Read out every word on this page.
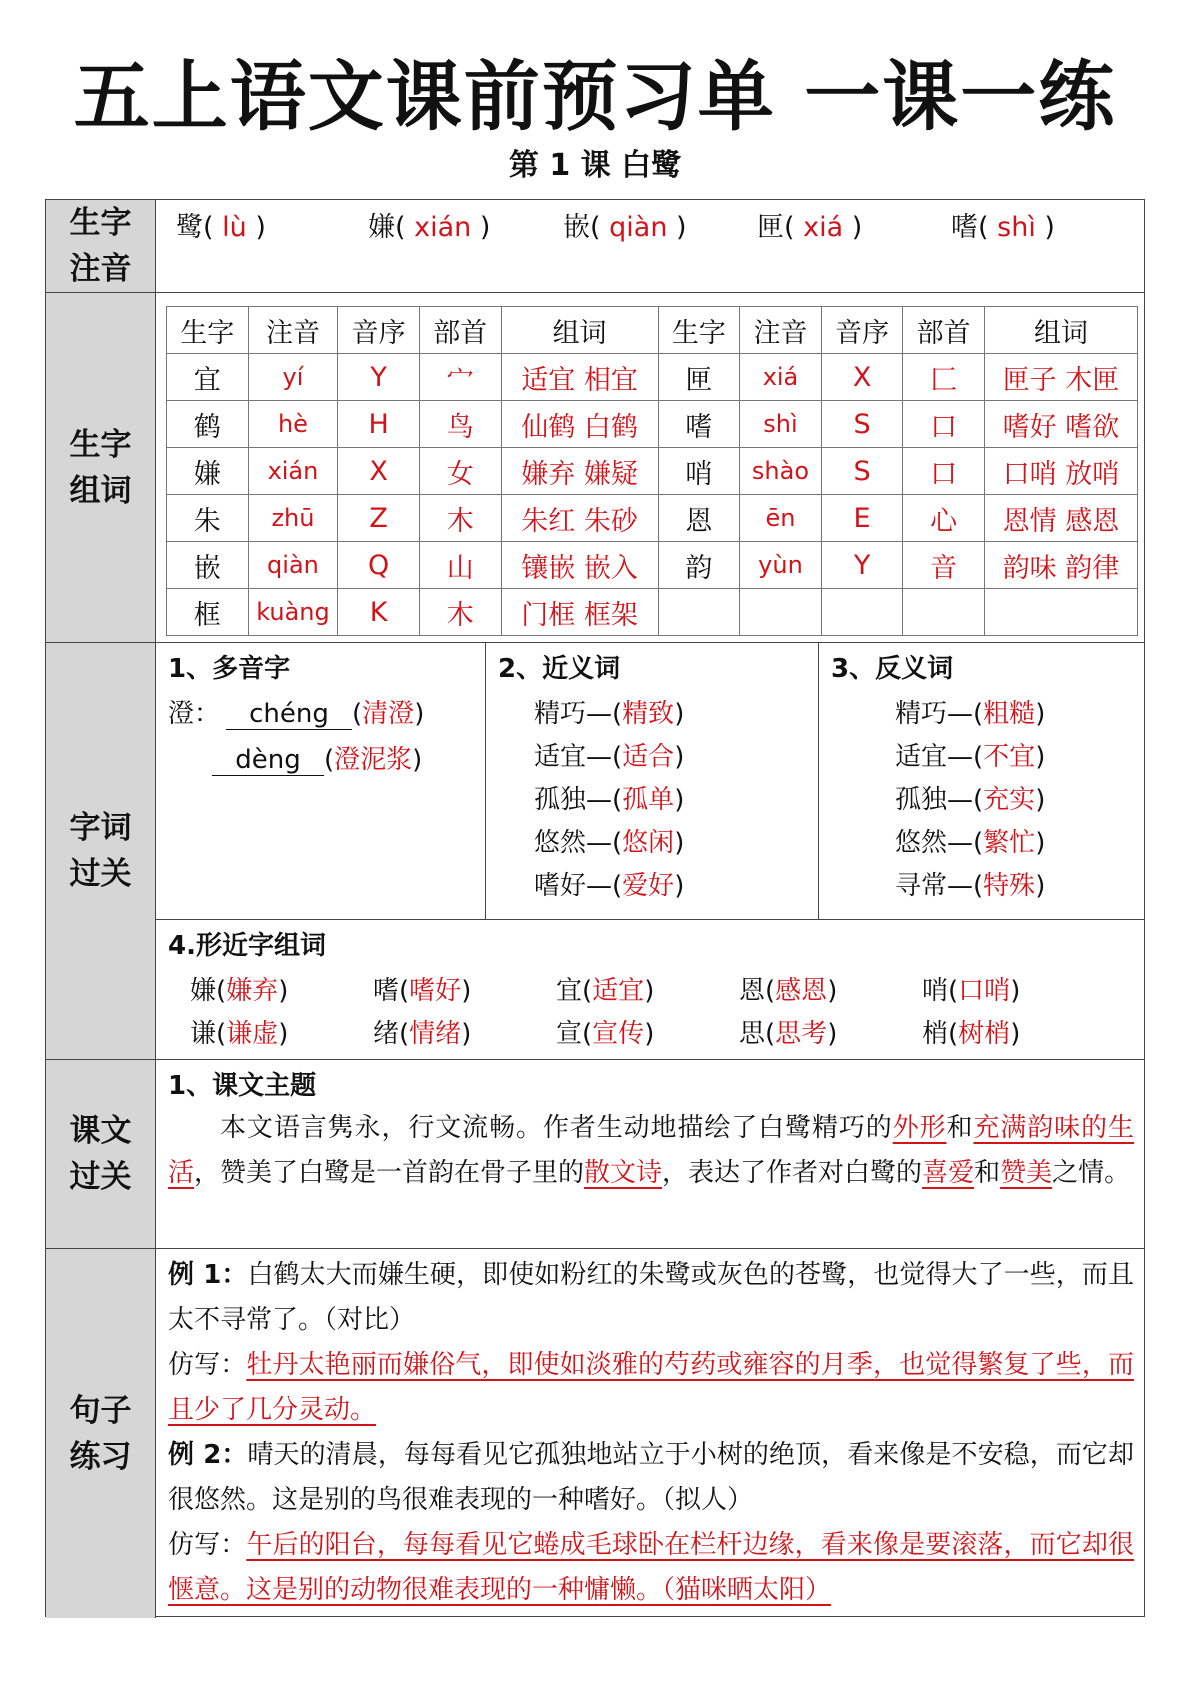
五上语文课前预习单 一课一练
第 1 课 白鹭
生字
注音
鹭( lù )	嫌( xián )	嵌( qiàn )	匣( xiá )	嗜( shì )
生字
组词
生字	注音	音序	部首	组词	生字	注音	音序	部首	组词
宜	yí	Y	宀	适宜 相宜	匣	xiá	X	匚	匣子 木匣
鹤	hè	H	鸟	仙鹤 白鹤	嗜	shì	S	口	嗜好 嗜欲
嫌	xián	X	女	嫌弃 嫌疑	哨	shào	S	口	口哨 放哨
朱	zhū	Z	木	朱红 朱砂	恩	ēn	E	心	恩情 感恩
嵌	qiàn	Q	山	镶嵌 嵌入	韵	yùn	Y	音	韵味 韵律
框	kuàng	K	木	门框 框架					
字词
过关
1、多音字
澄： chéng (清澄)
dèng (澄泥浆)
2、近义词
精巧—(精致)
适宜—(适合)
孤独—(孤单)
悠然—(悠闲)
嗜好—(爱好)
3、反义词
精巧—(粗糙)
适宜—(不宜)
孤独—(充实)
悠然—(繁忙)
寻常—(特殊)
4.形近字组词
嫌(嫌弃)	嗜(嗜好)	宜(适宜)	恩(感恩)	哨(口哨)
谦(谦虚)	绪(情绪)	宣(宣传)	思(思考)	梢(树梢)
课文
过关
1、课文主题
本文语言隽永，行文流畅。作者生动地描绘了白鹭精巧的外形和充满韵味的生活，赞美了白鹭是一首韵在骨子里的散文诗，表达了作者对白鹭的喜爱和赞美之情。
句子
练习
例 1：白鹤太大而嫌生硬，即使如粉红的朱鹭或灰色的苍鹭，也觉得大了一些，而且太不寻常了。（对比）
仿写：牡丹太艳丽而嫌俗气，即使如淡雅的芍药或雍容的月季，也觉得繁复了些，而且少了几分灵动。
例 2：晴天的清晨，每每看见它孤独地站立于小树的绝顶，看来像是不安稳，而它却很悠然。这是别的鸟很难表现的一种嗜好。（拟人）
仿写：午后的阳台，每每看见它蜷成毛球卧在栏杆边缘，看来像是要滚落，而它却很惬意。这是别的动物很难表现的一种慵懒。（猫咪晒太阳）
